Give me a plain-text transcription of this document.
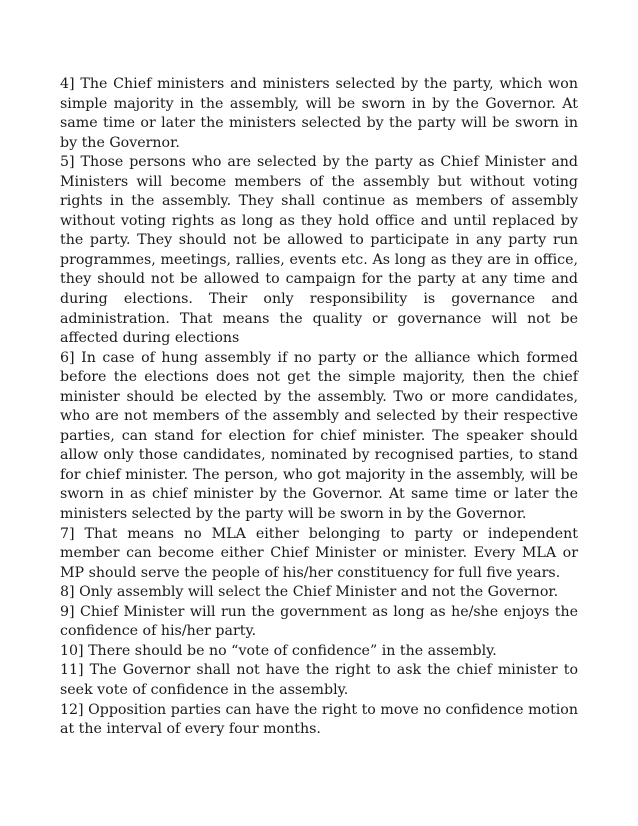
4] The Chief ministers and ministers selected by the party, which won simple majority in the assembly, will be sworn in by the Governor. At same time or later the ministers selected by the party will be sworn in by the Governor.

5] Those persons who are selected by the party as Chief Minister and Ministers will become members of the assembly but without voting rights in the assembly. They shall continue as members of assembly without voting rights as long as they hold office and until replaced by the party. They should not be allowed to participate in any party run programmes, meetings, rallies, events etc. As long as they are in office, they should not be allowed to campaign for the party at any time and during elections. Their only responsibility is governance and administration. That means the quality or governance will not be affected during elections

6] In case of hung assembly if no party or the alliance which formed before the elections does not get the simple majority, then the chief minister should be elected by the assembly. Two or more candidates, who are not members of the assembly and selected by their respective parties, can stand for election for chief minister. The speaker should allow only those candidates, nominated by recognised parties, to stand for chief minister. The person, who got majority in the assembly, will be sworn in as chief minister by the Governor. At same time or later the ministers selected by the party will be sworn in by the Governor.

7] That means no MLA either belonging to party or independent member can become either Chief Minister or minister. Every MLA or MP should serve the people of his/her constituency for full five years.

8] Only assembly will select the Chief Minister and not the Governor.

9] Chief Minister will run the government as long as he/she enjoys the confidence of his/her party.

10] There should be no “vote of confidence” in the assembly.

11] The Governor shall not have the right to ask the chief minister to seek vote of confidence in the assembly.

12] Opposition parties can have the right to move no confidence motion at the interval of every four months.
